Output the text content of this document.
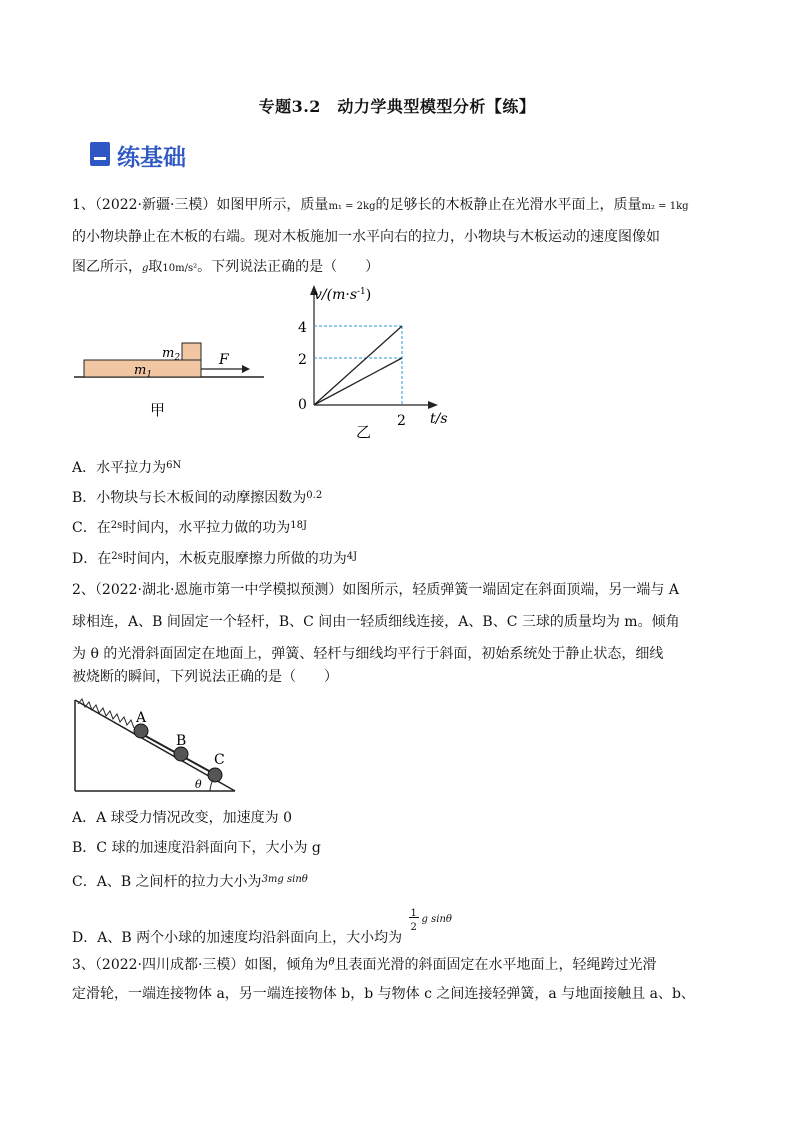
专题3.2　动力学典型模型分析【练】
练基础
1、（2022·新疆·三模）如图甲所示，质量m₁ = 2kg的足够长的木板静止在光滑水平面上，质量m₂ = 1kg
的小物块静止在木板的右端。现对木板施加一水平向右的拉力，小物块与木板运动的速度图像如
图乙所示，g取10m/s²。下列说法正确的是（　　）
$m_1$
$m_2$	F
甲
$v/(m\cdot s^{-1})$
4
2
0
2 t/s
乙
A．水平拉力为$^{6N}$
B．小物块与长木板间的动摩擦因数为$^{0.2}$
C．在$^{2s}$时间内，水平拉力做的功为$^{18J}$
D．在$^{2s}$时间内，木板克服摩擦力所做的功为$^{4J}$
2、（2022·湖北·恩施市第一中学模拟预测）如图所示，轻质弹簧一端固定在斜面顶端，另一端与 A
球相连，A、B 间固定一个轻杆，B、C 间由一轻质细线连接，A、B、C 三球的质量均为 m。倾角
为 θ 的光滑斜面固定在地面上，弹簧、轻杆与细线均平行于斜面，初始系统处于静止状态，细线
被烧断的瞬间，下列说法正确的是（　　）
A
B
C
θ
A．A 球受力情况改变，加速度为 0
B．C 球的加速度沿斜面向下，大小为 g
C．A、B 之间杆的拉力大小为$^{3mg sin\theta}$
D．A、B 两个小球的加速度均沿斜面向上，大小均为
1
2
g sinθ
3、（2022·四川成都·三模）如图，倾角为$^\theta$且表面光滑的斜面固定在水平地面上，轻绳跨过光滑
定滑轮，一端连接物体 a，另一端连接物体 b，b 与物体 c 之间连接轻弹簧，a 与地面接触且 a、b、
